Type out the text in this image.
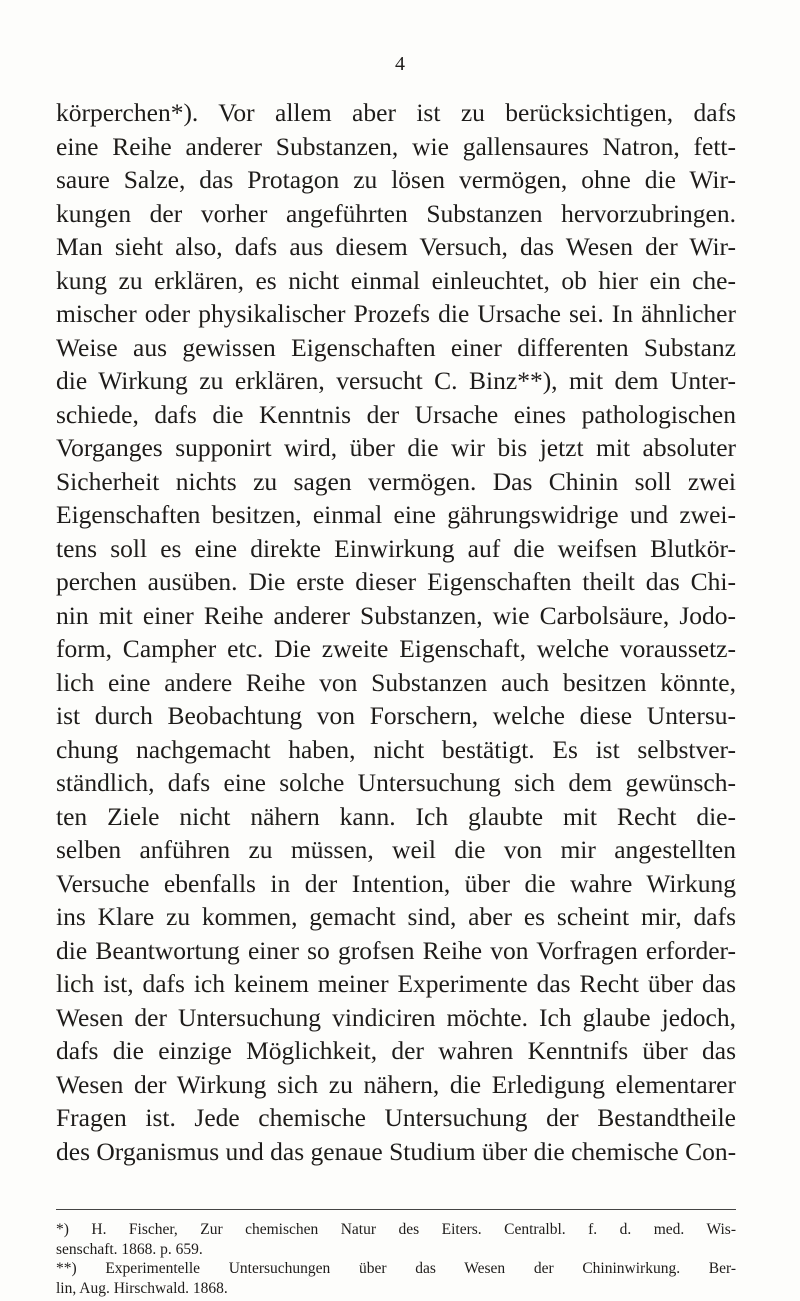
4
körperchen*). Vor allem aber ist zu berücksichtigen, dafs
eine Reihe anderer Substanzen, wie gallensaures Natron, fett-
saure Salze, das Protagon zu lösen vermögen, ohne die Wir-
kungen der vorher angeführten Substanzen hervorzubringen.
Man sieht also, dafs aus diesem Versuch, das Wesen der Wir-
kung zu erklären, es nicht einmal einleuchtet, ob hier ein che-
mischer oder physikalischer Prozefs die Ursache sei. In ähnlicher
Weise aus gewissen Eigenschaften einer differenten Substanz
die Wirkung zu erklären, versucht C. Binz**), mit dem Unter-
schiede, dafs die Kenntnis der Ursache eines pathologischen
Vorganges supponirt wird, über die wir bis jetzt mit absoluter
Sicherheit nichts zu sagen vermögen. Das Chinin soll zwei
Eigenschaften besitzen, einmal eine gährungswidrige und zwei-
tens soll es eine direkte Einwirkung auf die weifsen Blutkör-
perchen ausüben. Die erste dieser Eigenschaften theilt das Chi-
nin mit einer Reihe anderer Substanzen, wie Carbolsäure, Jodo-
form, Campher etc. Die zweite Eigenschaft, welche voraussetz-
lich eine andere Reihe von Substanzen auch besitzen könnte,
ist durch Beobachtung von Forschern, welche diese Untersu-
chung nachgemacht haben, nicht bestätigt. Es ist selbstver-
ständlich, dafs eine solche Untersuchung sich dem gewünsch-
ten Ziele nicht nähern kann. Ich glaubte mit Recht die-
selben anführen zu müssen, weil die von mir angestellten
Versuche ebenfalls in der Intention, über die wahre Wirkung
ins Klare zu kommen, gemacht sind, aber es scheint mir, dafs
die Beantwortung einer so grofsen Reihe von Vorfragen erforder-
lich ist, dafs ich keinem meiner Experimente das Recht über das
Wesen der Untersuchung vindiciren möchte. Ich glaube jedoch,
dafs die einzige Möglichkeit, der wahren Kenntnifs über das
Wesen der Wirkung sich zu nähern, die Erledigung elementarer
Fragen ist. Jede chemische Untersuchung der Bestandtheile
des Organismus und das genaue Studium über die chemische Con-
*) H. Fischer, Zur chemischen Natur des Eiters. Centralbl. f. d. med. Wis-
senschaft. 1868. p. 659.
**) Experimentelle Untersuchungen über das Wesen der Chininwirkung. Ber-
lin, Aug. Hirschwald. 1868.
